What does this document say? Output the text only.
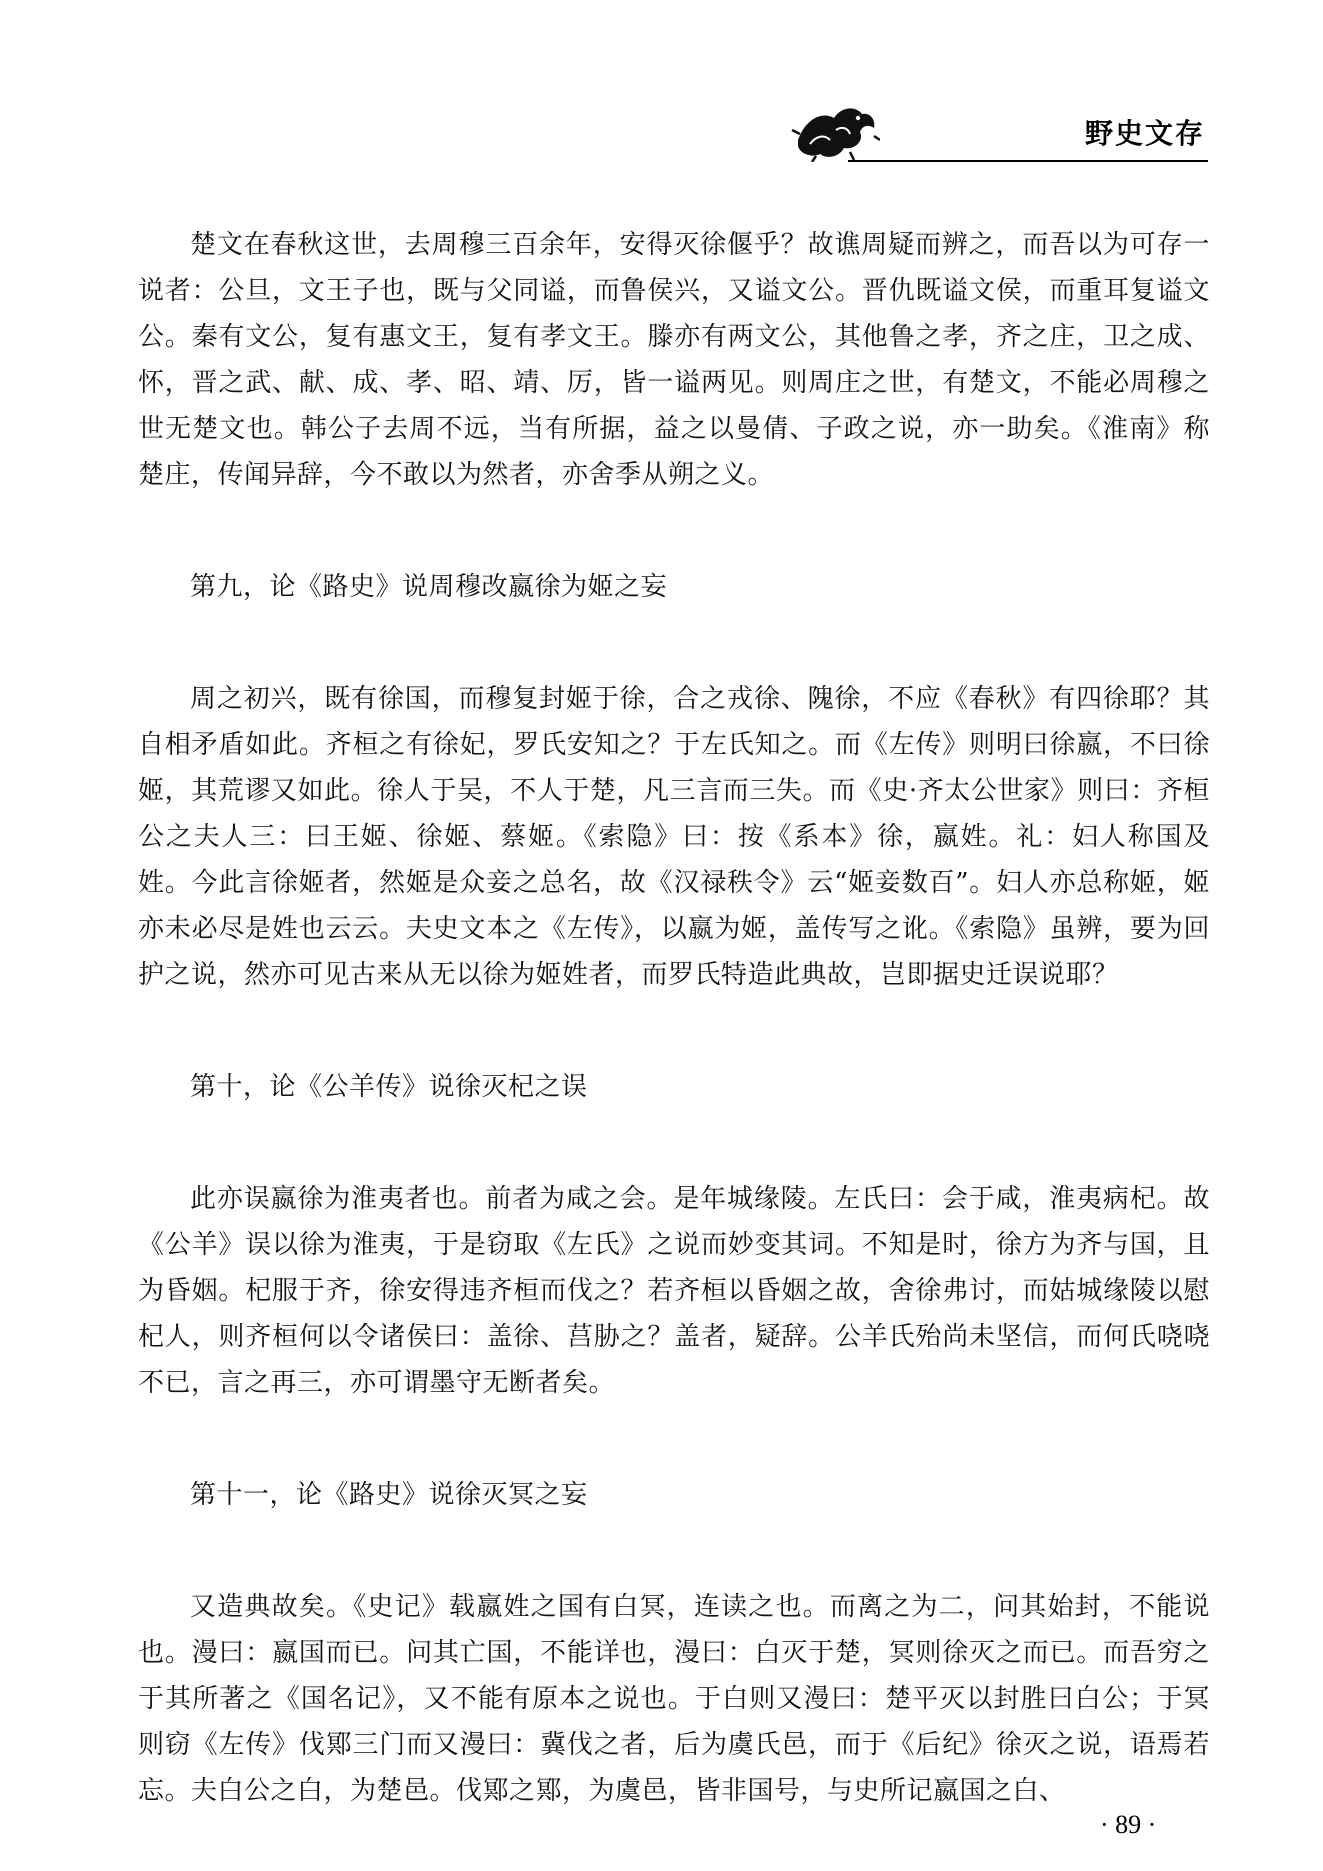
野史文存

楚文在春秋这世，去周穆三百余年，安得灭徐偃乎？故谯周疑而辨之，而吾以为可存一说者：公旦，文王子也，既与父同谥，而鲁侯兴，又谥文公。晋仇既谥文侯，而重耳复谥文公。秦有文公，复有惠文王，复有孝文王。滕亦有两文公，其他鲁之孝，齐之庄，卫之成、怀，晋之武、献、成、孝、昭、靖、厉，皆一谥两见。则周庄之世，有楚文，不能必周穆之世无楚文也。韩公子去周不远，当有所据，益之以曼倩、子政之说，亦一助矣。《淮南》称楚庄，传闻异辞，今不敢以为然者，亦舍季从朔之义。

第九，论《路史》说周穆改嬴徐为姬之妄

周之初兴，既有徐国，而穆复封姬于徐，合之戎徐、隗徐，不应《春秋》有四徐耶？其自相矛盾如此。齐桓之有徐妃，罗氏安知之？于左氏知之。而《左传》则明曰徐嬴，不曰徐姬，其荒谬又如此。徐人于吴，不人于楚，凡三言而三失。而《史·齐太公世家》则曰：齐桓公之夫人三：曰王姬、徐姬、蔡姬。《索隐》曰：按《系本》徐，嬴姓。礼：妇人称国及姓。今此言徐姬者，然姬是众妾之总名，故《汉禄秩令》云“姬妾数百”。妇人亦总称姬，姬亦未必尽是姓也云云。夫史文本之《左传》，以嬴为姬，盖传写之讹。《索隐》虽辨，要为回护之说，然亦可见古来从无以徐为姬姓者，而罗氏特造此典故，岂即据史迁误说耶？

第十，论《公羊传》说徐灭杞之误

此亦误嬴徐为淮夷者也。前者为咸之会。是年城缘陵。左氏曰：会于咸，淮夷病杞。故《公羊》误以徐为淮夷，于是窃取《左氏》之说而妙变其词。不知是时，徐方为齐与国，且为昏姻。杞服于齐，徐安得违齐桓而伐之？若齐桓以昏姻之故，舍徐弗讨，而姑城缘陵以慰杞人，则齐桓何以令诸侯曰：盖徐、莒胁之？盖者，疑辞。公羊氏殆尚未坚信，而何氏哓哓不已，言之再三，亦可谓墨守无断者矣。

第十一，论《路史》说徐灭冥之妄

又造典故矣。《史记》载嬴姓之国有白冥，连读之也。而离之为二，问其始封，不能说也。漫曰：嬴国而已。问其亡国，不能详也，漫曰：白灭于楚，冥则徐灭之而已。而吾穷之于其所著之《国名记》，又不能有原本之说也。于白则又漫曰：楚平灭以封胜曰白公；于冥则窃《左传》伐鄍三门而又漫曰：冀伐之者，后为虞氏邑，而于《后纪》徐灭之说，语焉若忘。夫白公之白，为楚邑。伐鄍之鄍，为虞邑，皆非国号，与史所记嬴国之白、

· 89 ·
